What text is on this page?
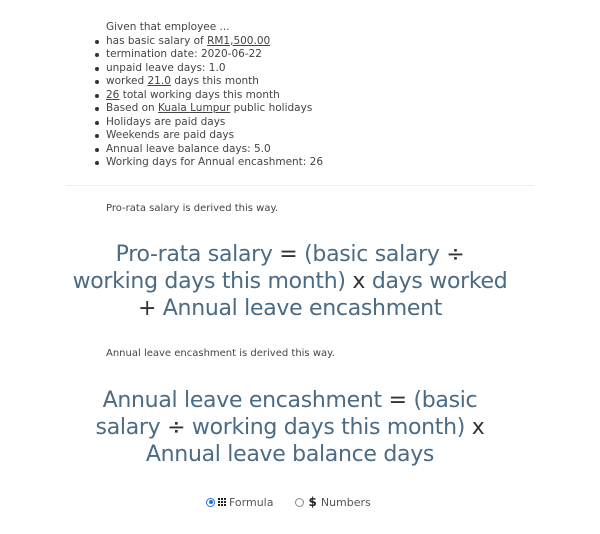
Given that employee ...

has basic salary of RM1,500.00
termination date: 2020-06-22
unpaid leave days: 1.0
worked 21.0 days this month
26 total working days this month
Based on Kuala Lumpur public holidays
Holidays are paid days
Weekends are paid days
Annual leave balance days: 5.0
Working days for Annual encashment: 26
Pro-rata salary is derived this way.
Pro-rata salary = (basic salary ÷ working days this month) x days worked + Annual leave encashment
Annual leave encashment is derived this way.
Annual leave encashment = (basic salary ÷ working days this month) x Annual leave balance days
Formula	$ Numbers
